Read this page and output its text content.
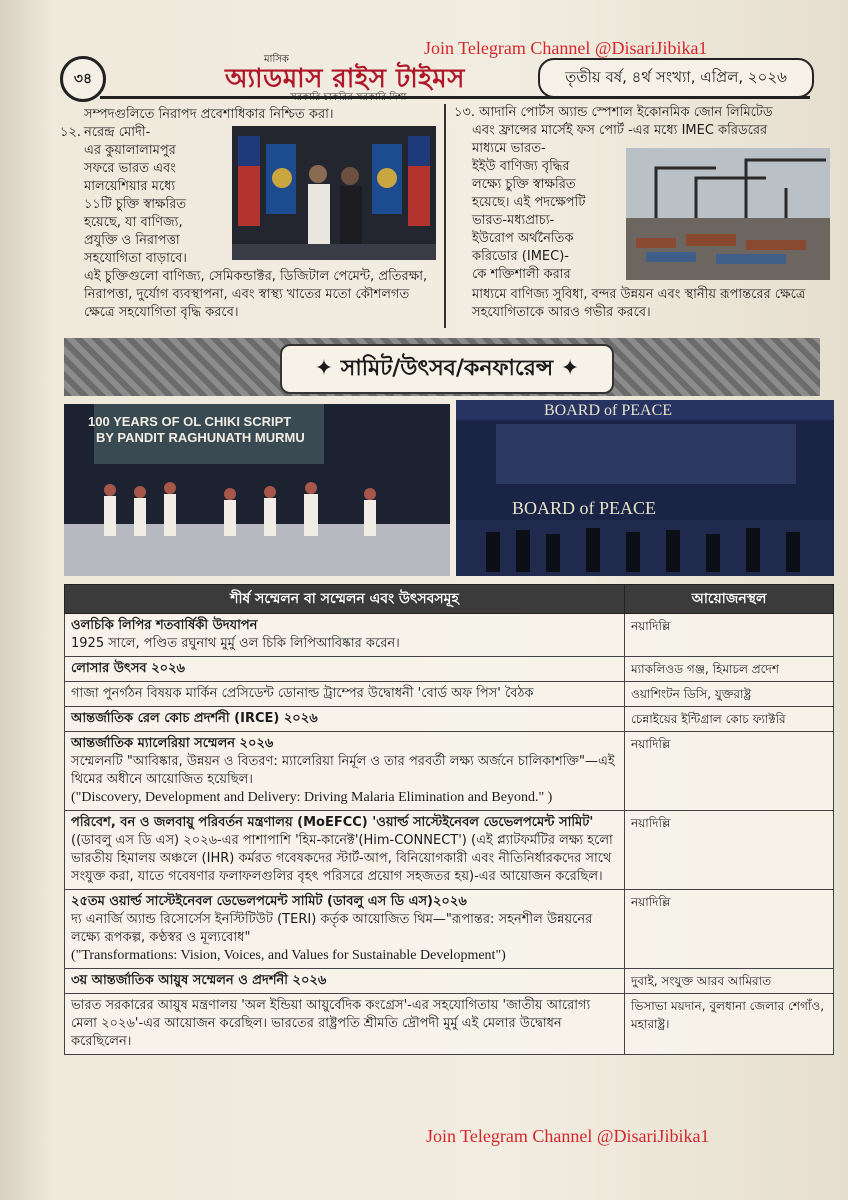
Join Telegram Channel @DisariJibika1
৩৪
মাসিক
অ্যাডমাস রাইস টাইমস	তৃতীয় বর্ষ, ৪র্থ সংখ্যা, এপ্রিল, ২০২৬
সম্পদগুলিতে নিরাপদ প্রবেশাধিকার নিশ্চিত করা।
১২. নরেন্দ্র মোদী-
এর কুয়ালালামপুর
সফরে ভারত এবং
মালয়েশিয়ার মধ্যে
১১টি চুক্তি স্বাক্ষরিত
হয়েছে, যা বাণিজ্য,
প্রযুক্তি ও নিরাপত্তা
সহযোগিতা বাড়াবে।
এই চুক্তিগুলো বাণিজ্য, সেমিকন্ডাক্টর, ডিজিটাল পেমেন্ট, প্রতিরক্ষা, নিরাপত্তা, দুর্যোগ ব্যবস্থাপনা, এবং স্বাস্থ্য খাতের মতো কৌশলগত ক্ষেত্রে সহযোগিতা বৃদ্ধি করবে।
১৩. আদানি পোর্টস অ্যান্ড স্পেশাল ইকোনমিক জোন লিমিটেড
এবং ফ্রান্সের মার্সেই ফস পোর্ট -এর মধ্যে IMEC করিডরের
মাধ্যমে ভারত-
ইইউ বাণিজ্য বৃদ্ধির
লক্ষ্যে চুক্তি স্বাক্ষরিত
হয়েছে। এই পদক্ষেপটি
ভারত-মধ্যপ্রাচ্য-
ইউরোপ অর্থনৈতিক
করিডোর (IMEC)-
কে শক্তিশালী করার
মাধ্যমে বাণিজ্য সুবিধা, বন্দর উন্নয়ন এবং স্থানীয় রূপান্তরের ক্ষেত্রে সহযোগিতাকে আরও গভীর করবে।
✦ সামিট/উৎসব/কনফারেন্স ✦
100 YEARS OF OL CHIKI SCRIPT
BY PANDIT RAGHUNATH MURMU
BOARD of PEACE
BOARD of PEACE
শীর্ষ সম্মেলন বা সম্মেলন এবং উৎসবসমূহ	আয়োজনস্থল

ওলচিকি লিপির শতবার্ষিকী উদযাপন
1925 সালে, পণ্ডিত রঘুনাথ মুর্মু ওল চিকি লিপিআবিষ্কার করেন।	নয়াদিল্লি

লোসার উৎসব ২০২৬	ম্যাকলিওড গঞ্জ, হিমাচল প্রদেশ

গাজা পুনর্গঠন বিষয়ক মার্কিন প্রেসিডেন্ট ডোনাল্ড ট্রাম্পের উদ্বোধনী 'বোর্ড অফ পিস' বৈঠক	ওয়াশিংটন ডিসি, যুক্তরাষ্ট্র

আন্তর্জাতিক রেল কোচ প্রদর্শনী (IRCE) ২০২৬	চেন্নাইয়ের ইন্টিগ্রাল কোচ ফ্যাক্টরি

আন্তর্জাতিক ম্যালেরিয়া সম্মেলন ২০২৬
সম্মেলনটি "আবিষ্কার, উন্নয়ন ও বিতরণ: ম্যালেরিয়া নির্মূল ও তার পরবর্তী লক্ষ্য অর্জনে চালিকাশক্তি"—এই থিমের অধীনে আয়োজিত হয়েছিল।
("Discovery, Development and Delivery: Driving Malaria Elimination and Beyond." )	নয়াদিল্লি

পরিবেশ, বন ও জলবায়ু পরিবর্তন মন্ত্রণালয় (MoEFCC) 'ওয়ার্ল্ড সাস্টেইনেবল ডেভেলপমেন্ট সামিট'
((ডাবলু এস ডি এস) ২০২৬-এর পাশাপাশি 'হিম-কানেক্ট'(Him-CONNECT') (এই প্ল্যাটফর্মটির লক্ষ্য হলো ভারতীয় হিমালয় অঞ্চলে (IHR) কর্মরত গবেষকদের স্টার্ট-আপ, বিনিয়োগকারী এবং নীতিনির্ধারকদের সাথে সংযুক্ত করা, যাতে গবেষণার ফলাফলগুলির বৃহৎ পরিসরে প্রয়োগ সহজতর হয়)-এর আয়োজন করেছিল।	নয়াদিল্লি

২৫তম ওয়ার্ল্ড সাস্টেইনেবল ডেভেলপমেন্ট সামিট (ডাবলু এস ডি এস)২০২৬
দ্য এনার্জি অ্যান্ড রিসোর্সেস ইনস্টিটিউট (TERI) কর্তৃক আয়োজিত থিম—"রূপান্তর: সহনশীল উন্নয়নের লক্ষ্যে রূপকল্প, কণ্ঠস্বর ও মূল্যবোধ"
("Transformations: Vision, Voices, and Values for Sustainable Development")	নয়াদিল্লি

৩য় আন্তর্জাতিক আয়ুষ সম্মেলন ও প্রদর্শনী ২০২৬	দুবাই, সংযুক্ত আরব আমিরাত

ভারত সরকারের আয়ুষ মন্ত্রণালয় 'অল ইন্ডিয়া আয়ুর্বেদিক কংগ্রেস'-এর সহযোগিতায় 'জাতীয় আরোগ্য মেলা ২০২৬'-এর আয়োজন করেছিল। ভারতের রাষ্ট্রপতি শ্রীমতি দ্রৌপদী মুর্মু এই মেলার উদ্বোধন করেছিলেন।	ভিসাভা ময়দান, বুলধানা জেলার শেগাঁও, মহারাষ্ট্র।
Join Telegram Channel @DisariJibika1
